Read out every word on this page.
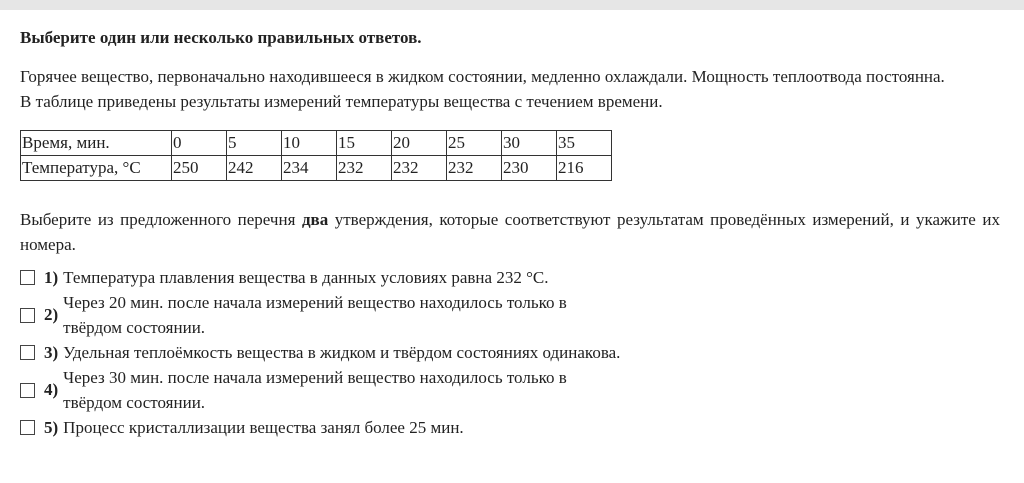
Выберите один или несколько правильных ответов.

Горячее вещество, первоначально находившееся в жидком состоянии, медленно охлаждали. Мощность теплоотвода постоянна.
В таблице приведены результаты измерений температуры вещества с течением времени.

Время, мин.	0	5	10	15	20	25	30	35
Температура, °C	250	242	234	232	232	232	230	216

Выберите из предложенного перечня два утверждения, которые соответствуют результатам проведённых измерений, и укажите их номера.

1) Температура плавления вещества в данных условиях равна 232 °C.
2)
Через 20 мин. после начала измерений вещество находилось только в твёрдом состоянии.
3) Удельная теплоёмкость вещества в жидком и твёрдом состояниях одинакова.
4)
Через 30 мин. после начала измерений вещество находилось только в твёрдом состоянии.
5) Процесс кристаллизации вещества занял более 25 мин.
